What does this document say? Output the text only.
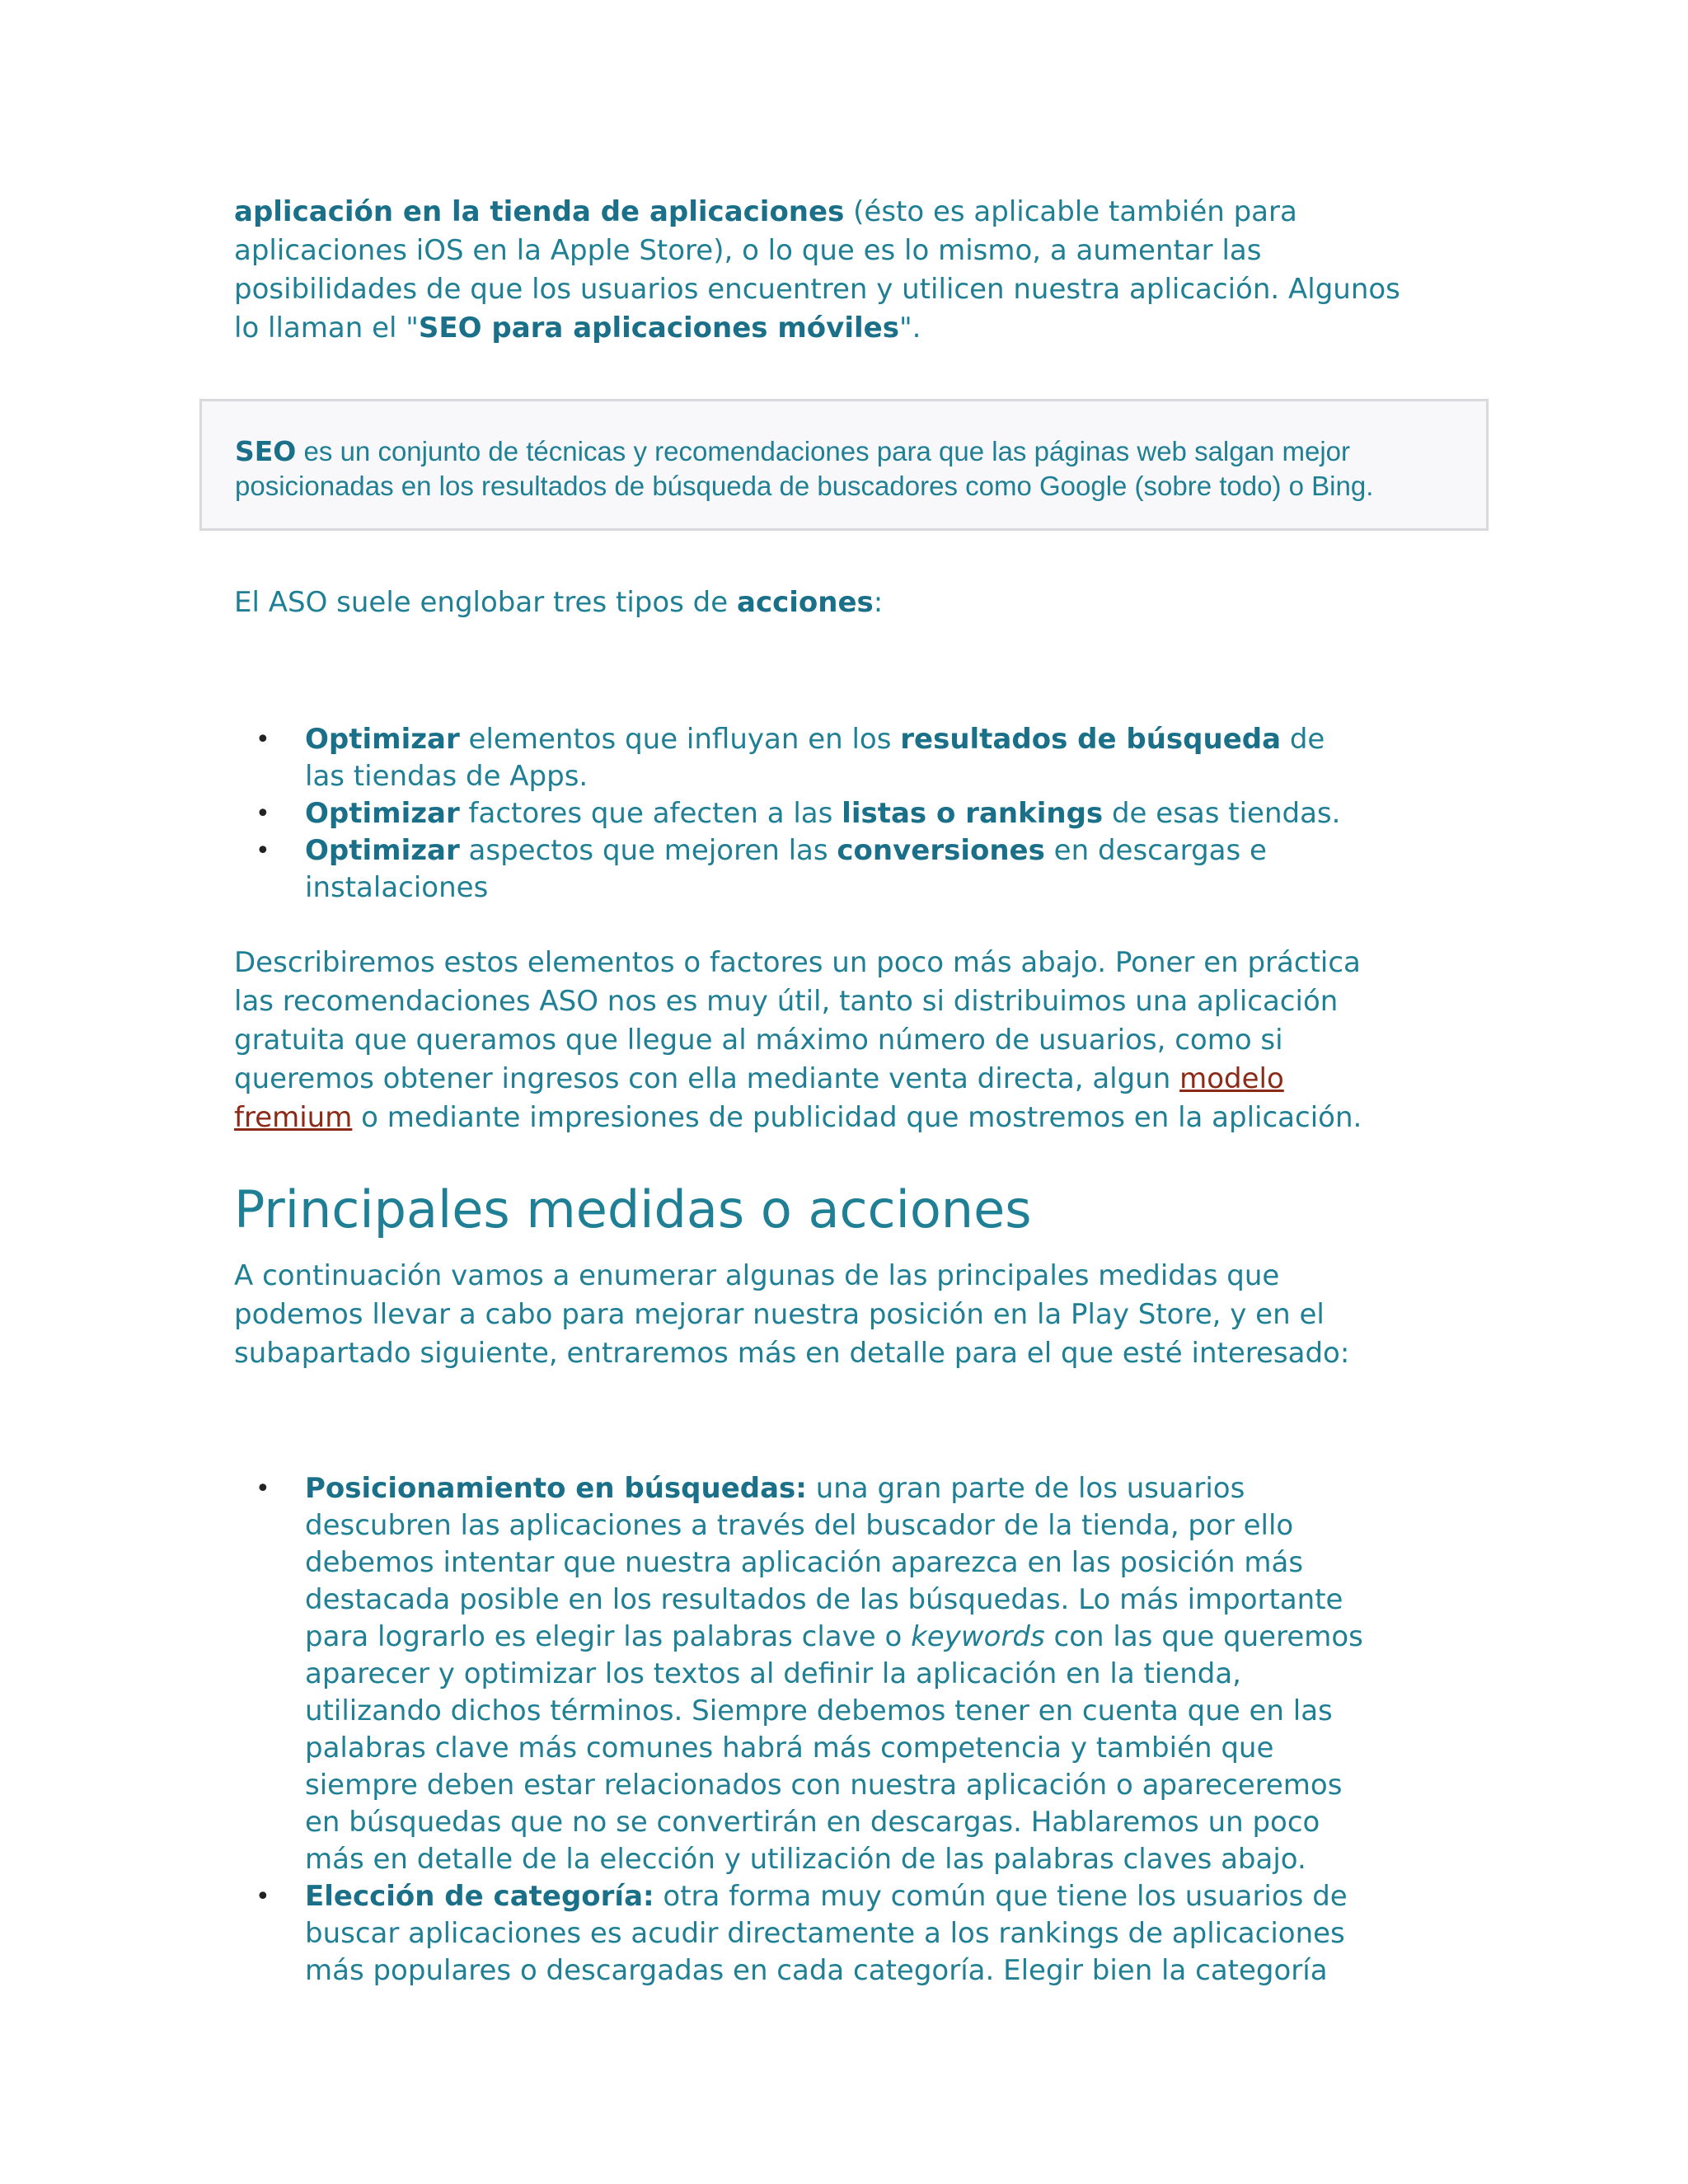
aplicación en la tienda de aplicaciones (ésto es aplicable también para
aplicaciones iOS en la Apple Store), o lo que es lo mismo, a aumentar las
posibilidades de que los usuarios encuentren y utilicen nuestra aplicación. Algunos
lo llaman el "SEO para aplicaciones móviles".

SEO es un conjunto de técnicas y recomendaciones para que las páginas web salgan mejor
posicionadas en los resultados de búsqueda de buscadores como Google (sobre todo) o Bing.

El ASO suele englobar tres tipos de acciones:

• Optimizar elementos que influyan en los resultados de búsqueda de
las tiendas de Apps.
• Optimizar factores que afecten a las listas o rankings de esas tiendas.
• Optimizar aspectos que mejoren las conversiones en descargas e
instalaciones

Describiremos estos elementos o factores un poco más abajo. Poner en práctica
las recomendaciones ASO nos es muy útil, tanto si distribuimos una aplicación
gratuita que queramos que llegue al máximo número de usuarios, como si
queremos obtener ingresos con ella mediante venta directa, algun modelo
fremium o mediante impresiones de publicidad que mostremos en la aplicación.

Principales medidas o acciones

A continuación vamos a enumerar algunas de las principales medidas que
podemos llevar a cabo para mejorar nuestra posición en la Play Store, y en el
subapartado siguiente, entraremos más en detalle para el que esté interesado:

• Posicionamiento en búsquedas: una gran parte de los usuarios
descubren las aplicaciones a través del buscador de la tienda, por ello
debemos intentar que nuestra aplicación aparezca en las posición más
destacada posible en los resultados de las búsquedas. Lo más importante
para lograrlo es elegir las palabras clave o keywords con las que queremos
aparecer y optimizar los textos al definir la aplicación en la tienda,
utilizando dichos términos. Siempre debemos tener en cuenta que en las
palabras clave más comunes habrá más competencia y también que
siempre deben estar relacionados con nuestra aplicación o apareceremos
en búsquedas que no se convertirán en descargas. Hablaremos un poco
más en detalle de la elección y utilización de las palabras claves abajo.
• Elección de categoría: otra forma muy común que tiene los usuarios de
buscar aplicaciones es acudir directamente a los rankings de aplicaciones
más populares o descargadas en cada categoría. Elegir bien la categoría
